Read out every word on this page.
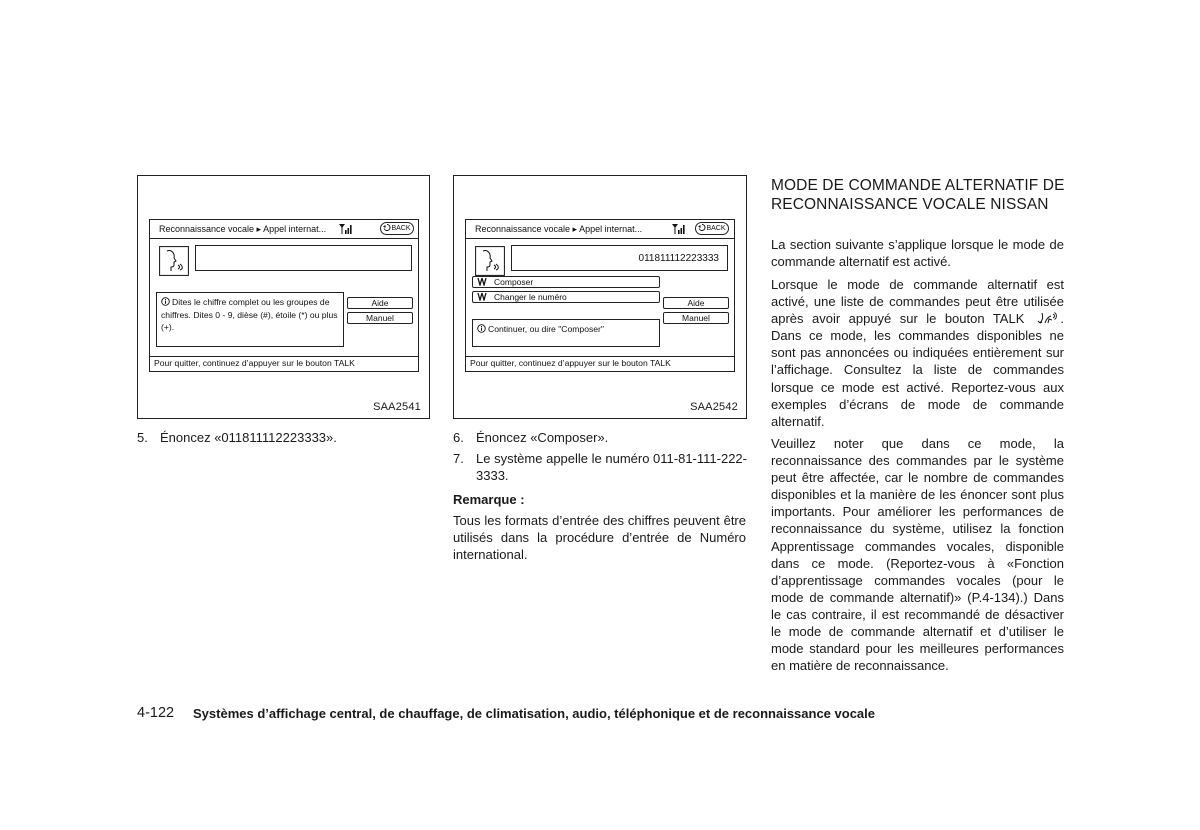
Reconnaissance vocale ▸ Appel internat...	BACK
Dites le chiffre complet ou les groupes de chiffres. Dites 0 - 9, dièse (#), étoile (*) ou plus (+).
Aide
Manuel
Pour quitter, continuez d’appuyer sur le bouton TALK
SAA2541
Reconnaissance vocale ▸ Appel internat...	BACK
011811112223333
Composer
Changer le numéro
Continuer, ou dire "Composer"
Aide
Manuel
Pour quitter, continuez d’appuyer sur le bouton TALK
SAA2542
5. Énoncez «011811112223333».	6. Énoncez «Composer».
7. Le système appelle le numéro 011-81-111-222-3333.

Remarque :

Tous les formats d’entrée des chiffres peuvent être utilisés dans la procédure d’entrée de Numéro international.

MODE DE COMMANDE ALTERNATIF DE RECONNAISSANCE VOCALE NISSAN

La section suivante s’applique lorsque le mode de commande alternatif est activé.

Lorsque le mode de commande alternatif est activé, une liste de commandes peut être utilisée après avoir appuyé sur le bouton TALK	. Dans ce mode, les commandes disponibles ne sont pas annoncées ou indiquées entièrement sur l’affichage. Consultez la liste de commandes lorsque ce mode est activé. Reportez-vous aux exemples d’écrans de mode de commande alternatif.

Veuillez noter que dans ce mode, la reconnaissance des commandes par le système peut être affectée, car le nombre de commandes disponibles et la manière de les énoncer sont plus importants. Pour améliorer les performances de reconnaissance du système, utilisez la fonction Apprentissage commandes vocales, disponible dans ce mode. (Reportez-vous à «Fonction d’apprentissage commandes vocales (pour le mode de commande alternatif)» (P.4-134).) Dans le cas contraire, il est recommandé de désactiver le mode de commande alternatif et d’utiliser le mode standard pour les meilleures performances en matière de reconnaissance.

4-122 Systèmes d’affichage central, de chauffage, de climatisation, audio, téléphonique et de reconnaissance vocale
